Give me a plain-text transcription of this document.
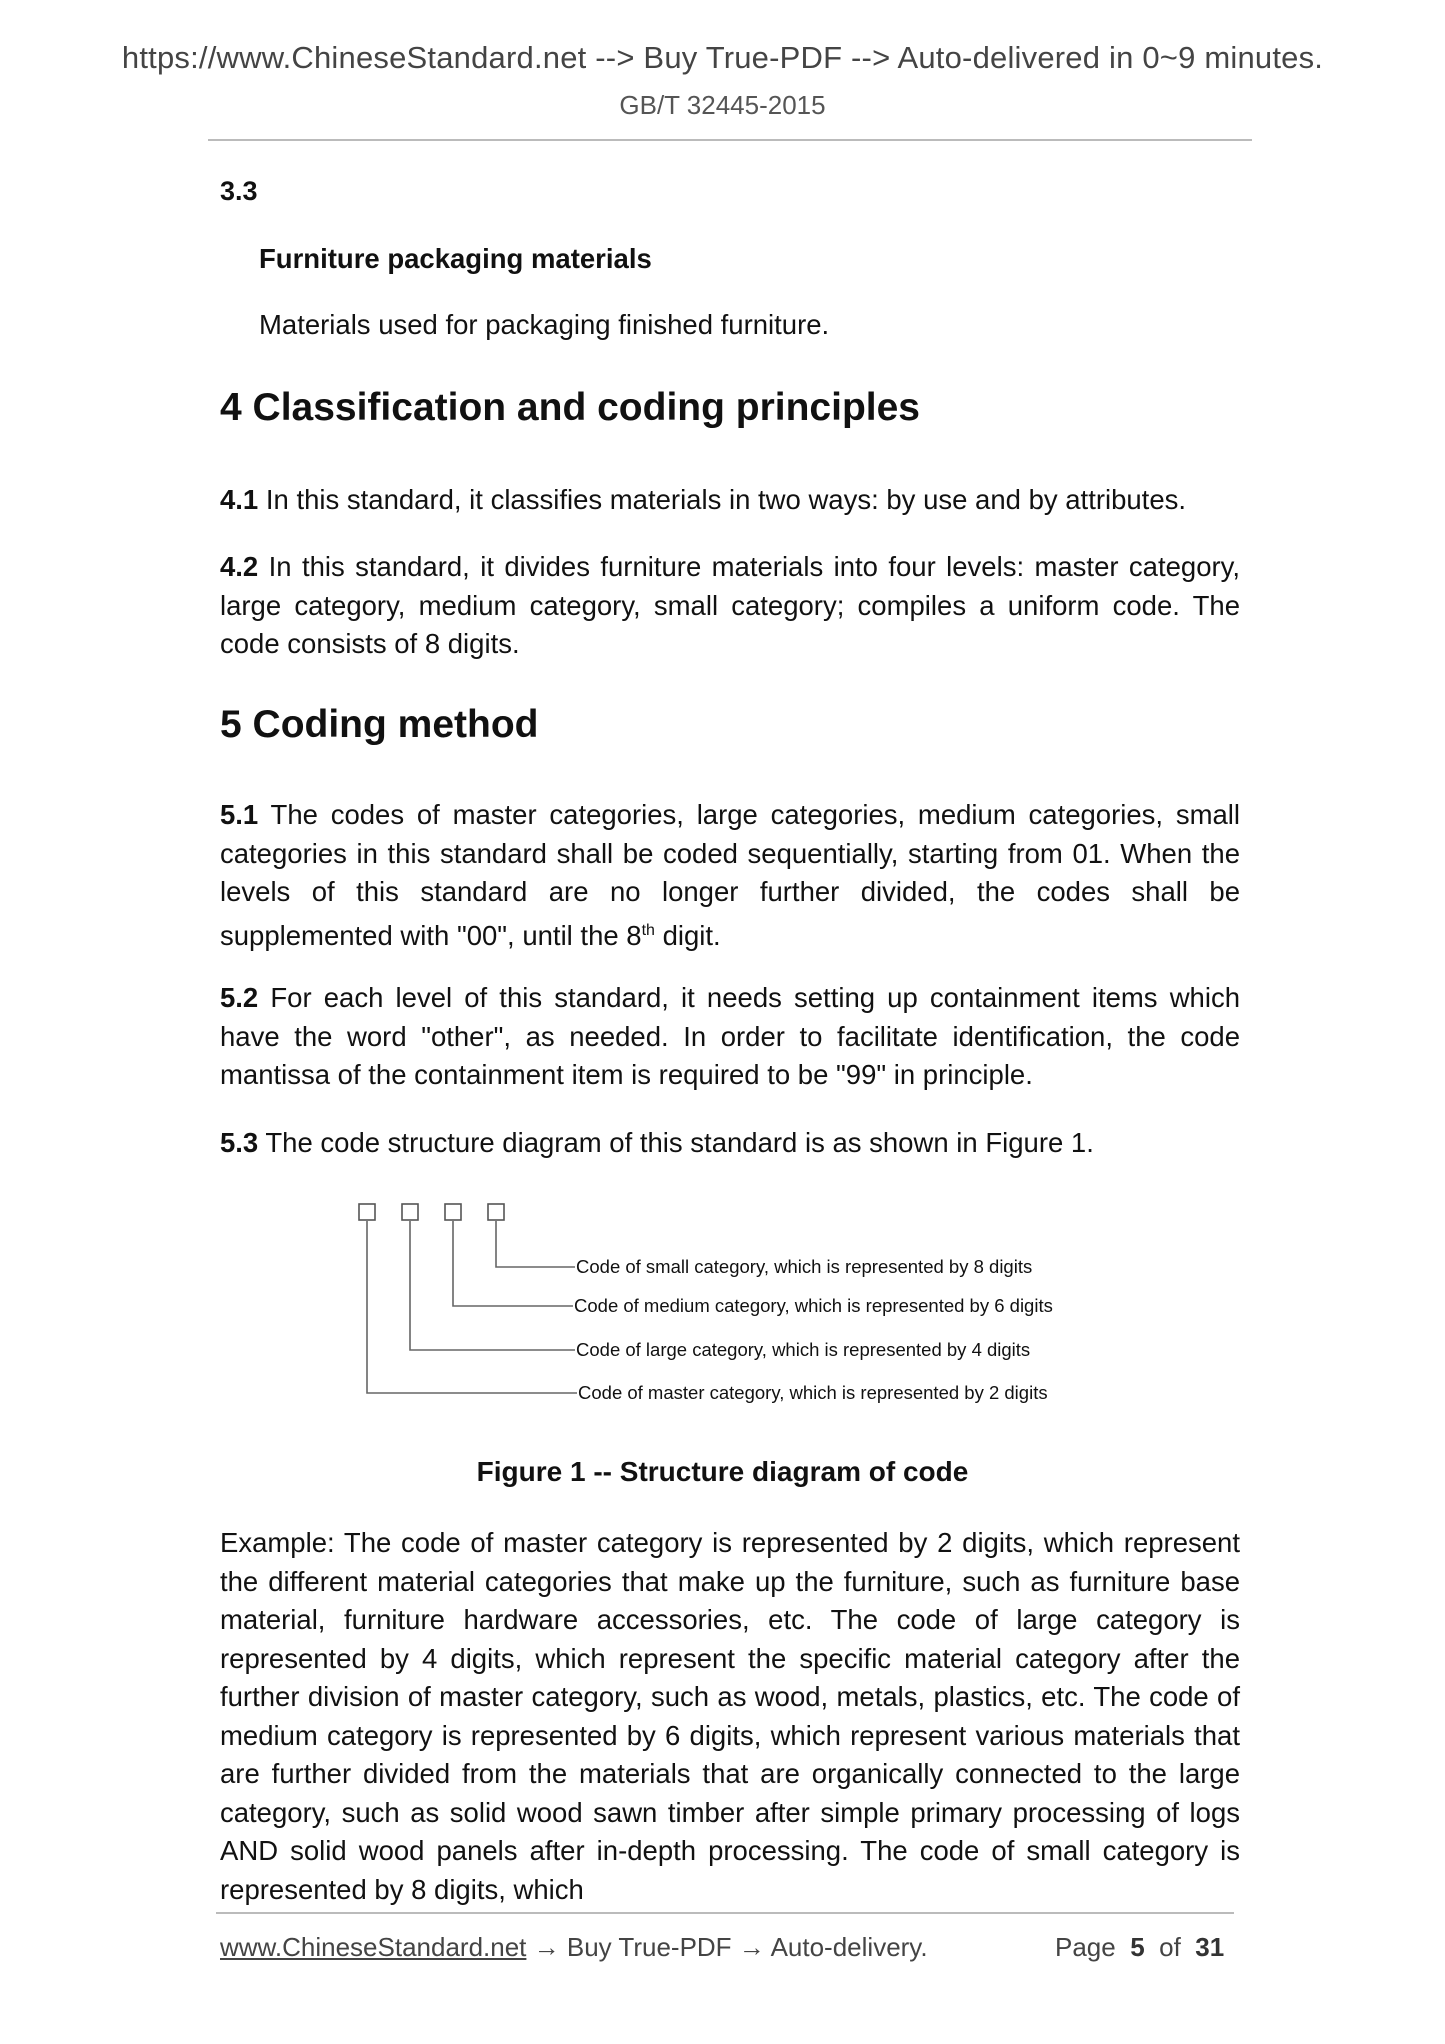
https://www.ChineseStandard.net --> Buy True-PDF --> Auto-delivered in 0~9 minutes.
GB/T 32445-2015
3.3
Furniture packaging materials
Materials used for packaging finished furniture.
4 Classification and coding principles
4.1 In this standard, it classifies materials in two ways: by use and by attributes.
4.2 In this standard, it divides furniture materials into four levels: master category, large category, medium category, small category; compiles a uniform code. The code consists of 8 digits.
5 Coding method
5.1 The codes of master categories, large categories, medium categories, small categories in this standard shall be coded sequentially, starting from 01. When the levels of this standard are no longer further divided, the codes shall be supplemented with "00", until the 8th digit.
5.2 For each level of this standard, it needs setting up containment items which have the word "other", as needed. In order to facilitate identification, the code mantissa of the containment item is required to be "99" in principle.
5.3 The code structure diagram of this standard is as shown in Figure 1.
Code of small category, which is represented by 8 digits
Code of medium category, which is represented by 6 digits
Code of large category, which is represented by 4 digits
Code of master category, which is represented by 2 digits
Figure 1 -- Structure diagram of code
Example: The code of master category is represented by 2 digits, which represent the different material categories that make up the furniture, such as furniture base material, furniture hardware accessories, etc. The code of large category is represented by 4 digits, which represent the specific material category after the further division of master category, such as wood, metals, plastics, etc. The code of medium category is represented by 6 digits, which represent various materials that are further divided from the materials that are organically connected to the large category, such as solid wood sawn timber after simple primary processing of logs AND solid wood panels after in-depth processing. The code of small category is represented by 8 digits, which
www.ChineseStandard.net → Buy True-PDF → Auto-delivery.	Page 5 of 31
